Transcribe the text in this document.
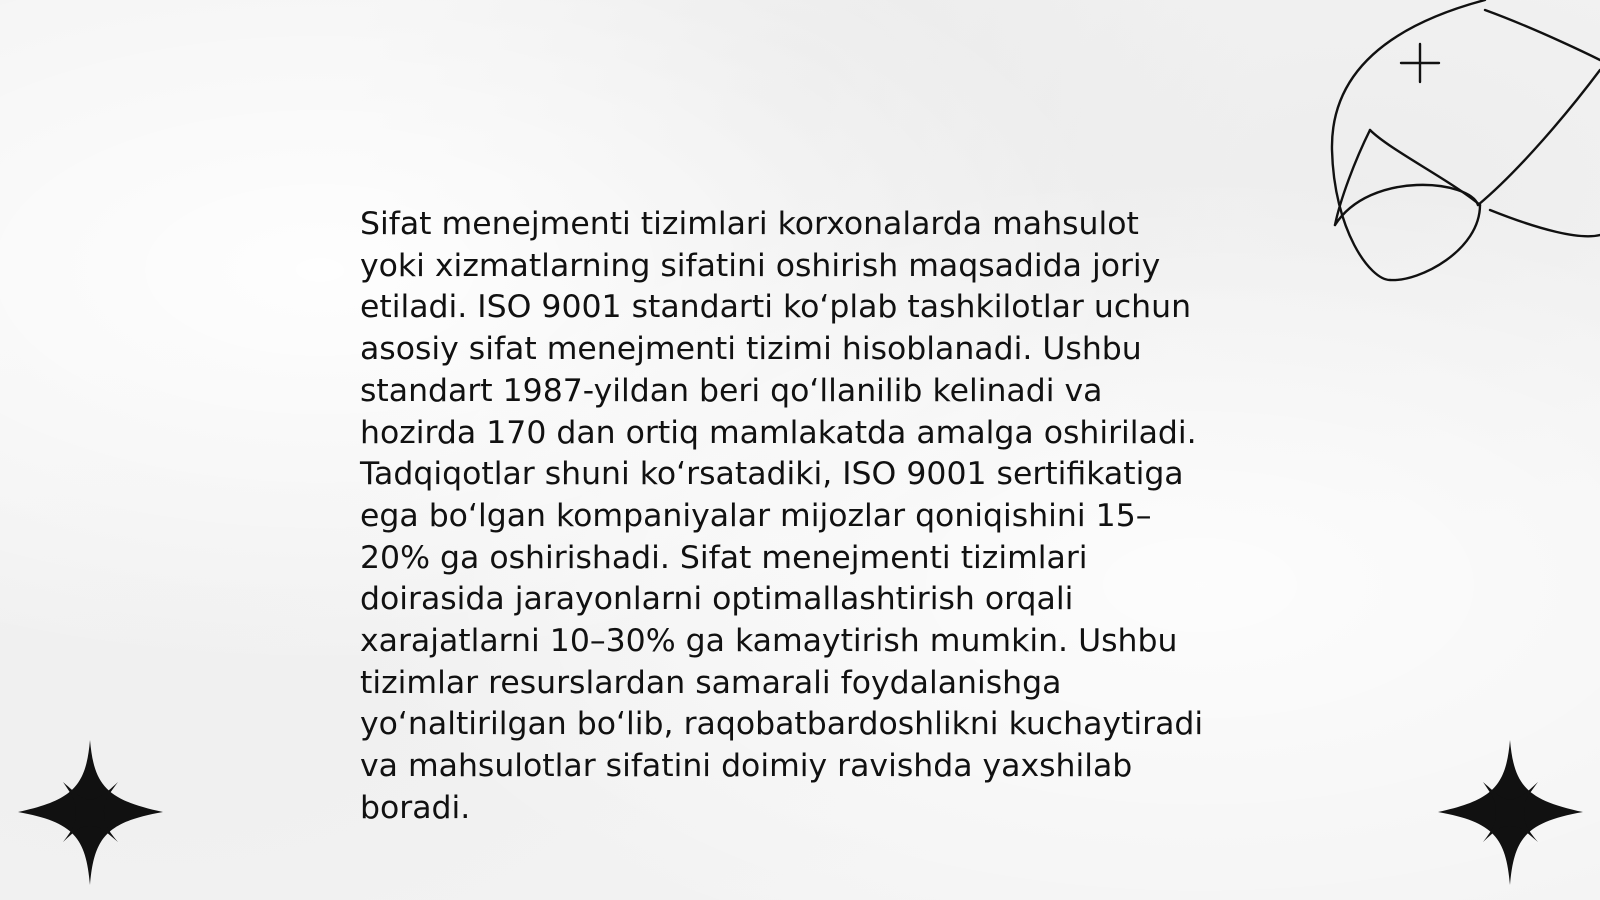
Sifat menejmenti tizimlari korxonalarda mahsulot
yoki xizmatlarning sifatini oshirish maqsadida joriy
etiladi. ISO 9001 standarti ko‘plab tashkilotlar uchun
asosiy sifat menejmenti tizimi hisoblanadi. Ushbu
standart 1987-yildan beri qo‘llanilib kelinadi va
hozirda 170 dan ortiq mamlakatda amalga oshiriladi.
Tadqiqotlar shuni ko‘rsatadiki, ISO 9001 sertifikatiga
ega bo‘lgan kompaniyalar mijozlar qoniqishini 15–
20% ga oshirishadi. Sifat menejmenti tizimlari
doirasida jarayonlarni optimallashtirish orqali
xarajatlarni 10–30% ga kamaytirish mumkin. Ushbu
tizimlar resurslardan samarali foydalanishga
yo‘naltirilgan bo‘lib, raqobatbardoshlikni kuchaytiradi
va mahsulotlar sifatini doimiy ravishda yaxshilab
boradi.
